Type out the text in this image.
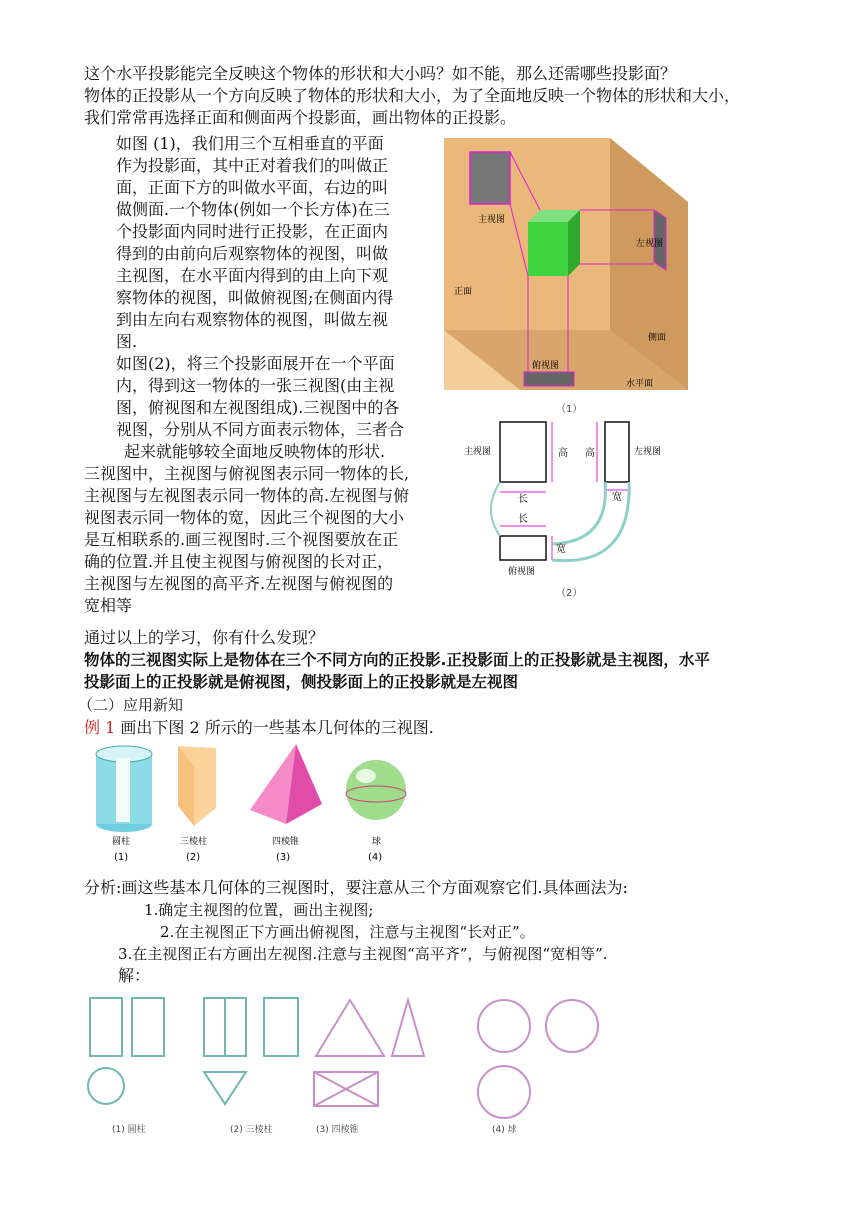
这个水平投影能完全反映这个物体的形状和大小吗？如不能，那么还需哪些投影面？
物体的正投影从一个方向反映了物体的形状和大小，为了全面地反映一个物体的形状和大小，
我们常常再选择正面和侧面两个投影面，画出物体的正投影。
如图 (1)，我们用三个互相垂直的平面
作为投影面，其中正对着我们的叫做正
面，正面下方的叫做水平面，右边的叫
做侧面.一个物体(例如一个长方体)在三
个投影面内同时进行正投影，在正面内
得到的由前向后观察物体的视图，叫做
主视图，在水平面内得到的由上向下观
察物体的视图，叫做俯视图;在侧面内得
到由左向右观察物体的视图，叫做左视
图.
如图(2)，将三个投影面展开在一个平面
内，得到这一物体的一张三视图(由主视
图，俯视图和左视图组成).三视图中的各
视图，分别从不同方面表示物体，三者合
起来就能够较全面地反映物体的形状.
三视图中，主视图与俯视图表示同一物体的长,
主视图与左视图表示同一物体的高.左视图与俯
视图表示同一物体的宽，因此三个视图的大小
是互相联系的.画三视图时.三个视图要放在正
确的位置.并且使主视图与俯视图的长对正，
主视图与左视图的高平齐.左视图与俯视图的
宽相等
主视图
左视图
正面
侧面
俯视图
水平面
（1）
主视图	左视图
俯视图
高 高
长
长
宽
宽
（2）
通过以上的学习，你有什么发现？
物体的三视图实际上是物体在三个不同方向的正投影.正投影面上的正投影就是主视图，水平
投影面上的正投影就是俯视图，侧投影面上的正投影就是左视图
（二）应用新知
例 1 画出下图 2 所示的一些基本几何体的三视图.
圆柱
(1)
三棱柱
(2)
四棱锥
(3)
球
(4)
分析:画这些基本几何体的三视图时，要注意从三个方面观察它们.具体画法为:
1.确定主视图的位置，画出主视图;
2.在主视图正下方画出俯视图，注意与主视图“长对正”。
3.在主视图正右方画出左视图.注意与主视图“高平齐”，与俯视图“宽相等”.
解：
(1) 圆柱	(2) 三棱柱	(3) 四棱锥	(4) 球
